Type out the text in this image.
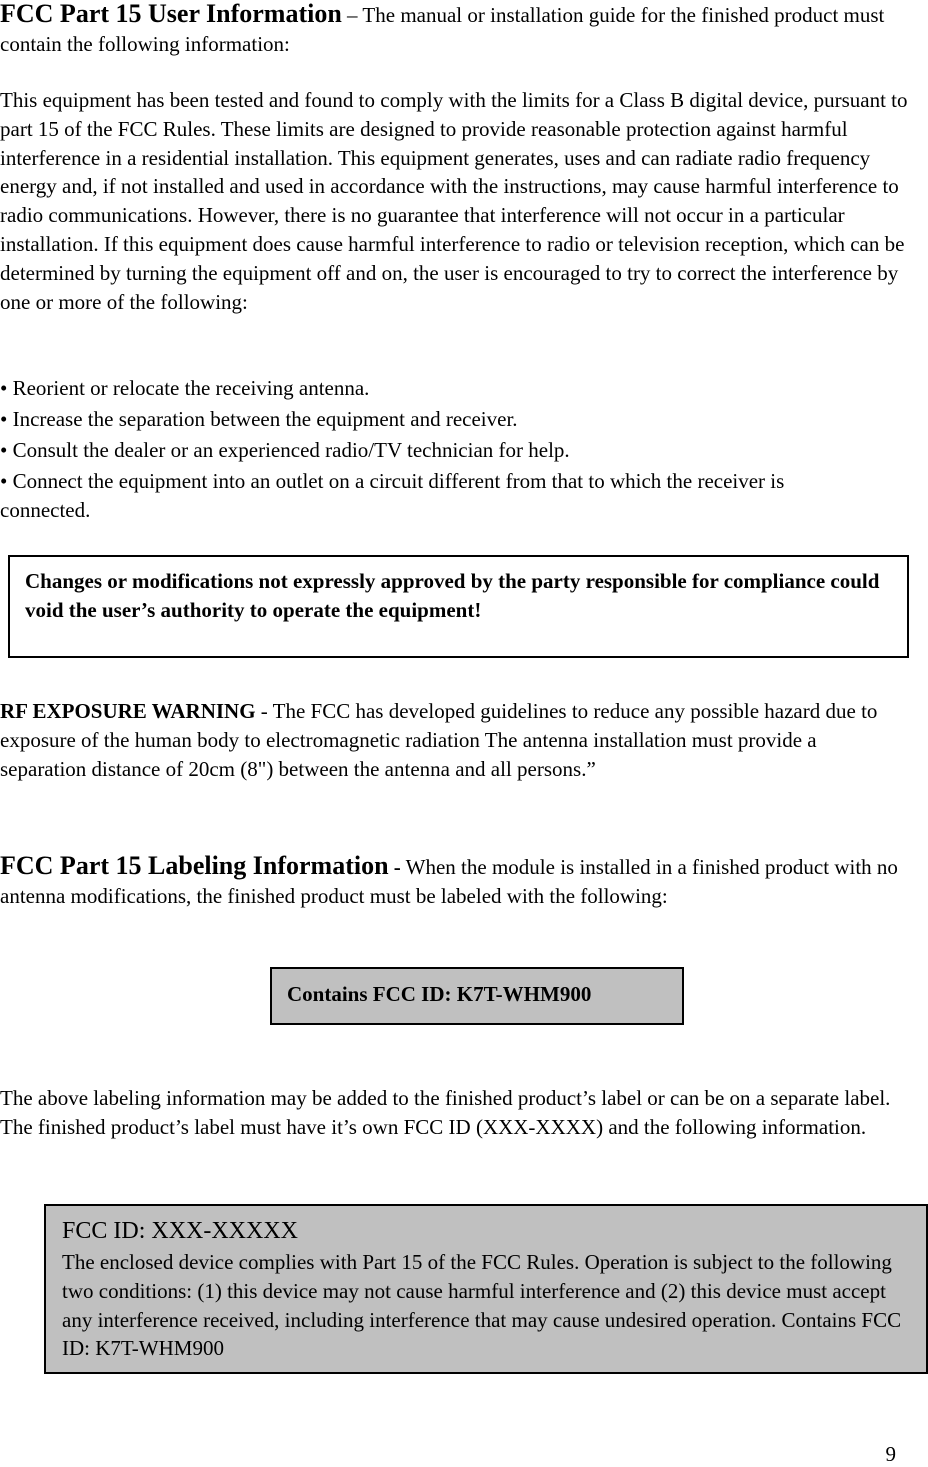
FCC Part 15 User Information – The manual or installation guide for the finished product must contain the following information:
This equipment has been tested and found to comply with the limits for a Class B digital device, pursuant to part 15 of the FCC Rules. These limits are designed to provide reasonable protection against harmful interference in a residential installation. This equipment generates, uses and can radiate radio frequency energy and, if not installed and used in accordance with the instructions, may cause harmful interference to radio communications. However, there is no guarantee that interference will not occur in a particular installation. If this equipment does cause harmful interference to radio or television reception, which can be determined by turning the equipment off and on, the user is encouraged to try to correct the interference by one or more of the following:
• Reorient or relocate the receiving antenna.
• Increase the separation between the equipment and receiver.
• Consult the dealer or an experienced radio/TV technician for help.
• Connect the equipment into an outlet on a circuit different from that to which the receiver is connected.
Changes or modifications not expressly approved by the party responsible for compliance could void the user’s authority to operate the equipment!
RF EXPOSURE WARNING - The FCC has developed guidelines to reduce any possible hazard due to exposure of the human body to electromagnetic radiation The antenna installation must provide a separation distance of 20cm (8") between the antenna and all persons.”
FCC Part 15 Labeling Information - When the module is installed in a finished product with no antenna modifications, the finished product must be labeled with the following:
Contains FCC ID: K7T-WHM900
The above labeling information may be added to the finished product’s label or can be on a separate label. The finished product’s label must have it’s own FCC ID (XXX-XXXX) and the following information.
FCC ID: XXX-XXXXX
The enclosed device complies with Part 15 of the FCC Rules. Operation is subject to the following two conditions: (1) this device may not cause harmful interference and (2) this device must accept any interference received, including interference that may cause undesired operation. Contains FCC ID: K7T-WHM900
9
